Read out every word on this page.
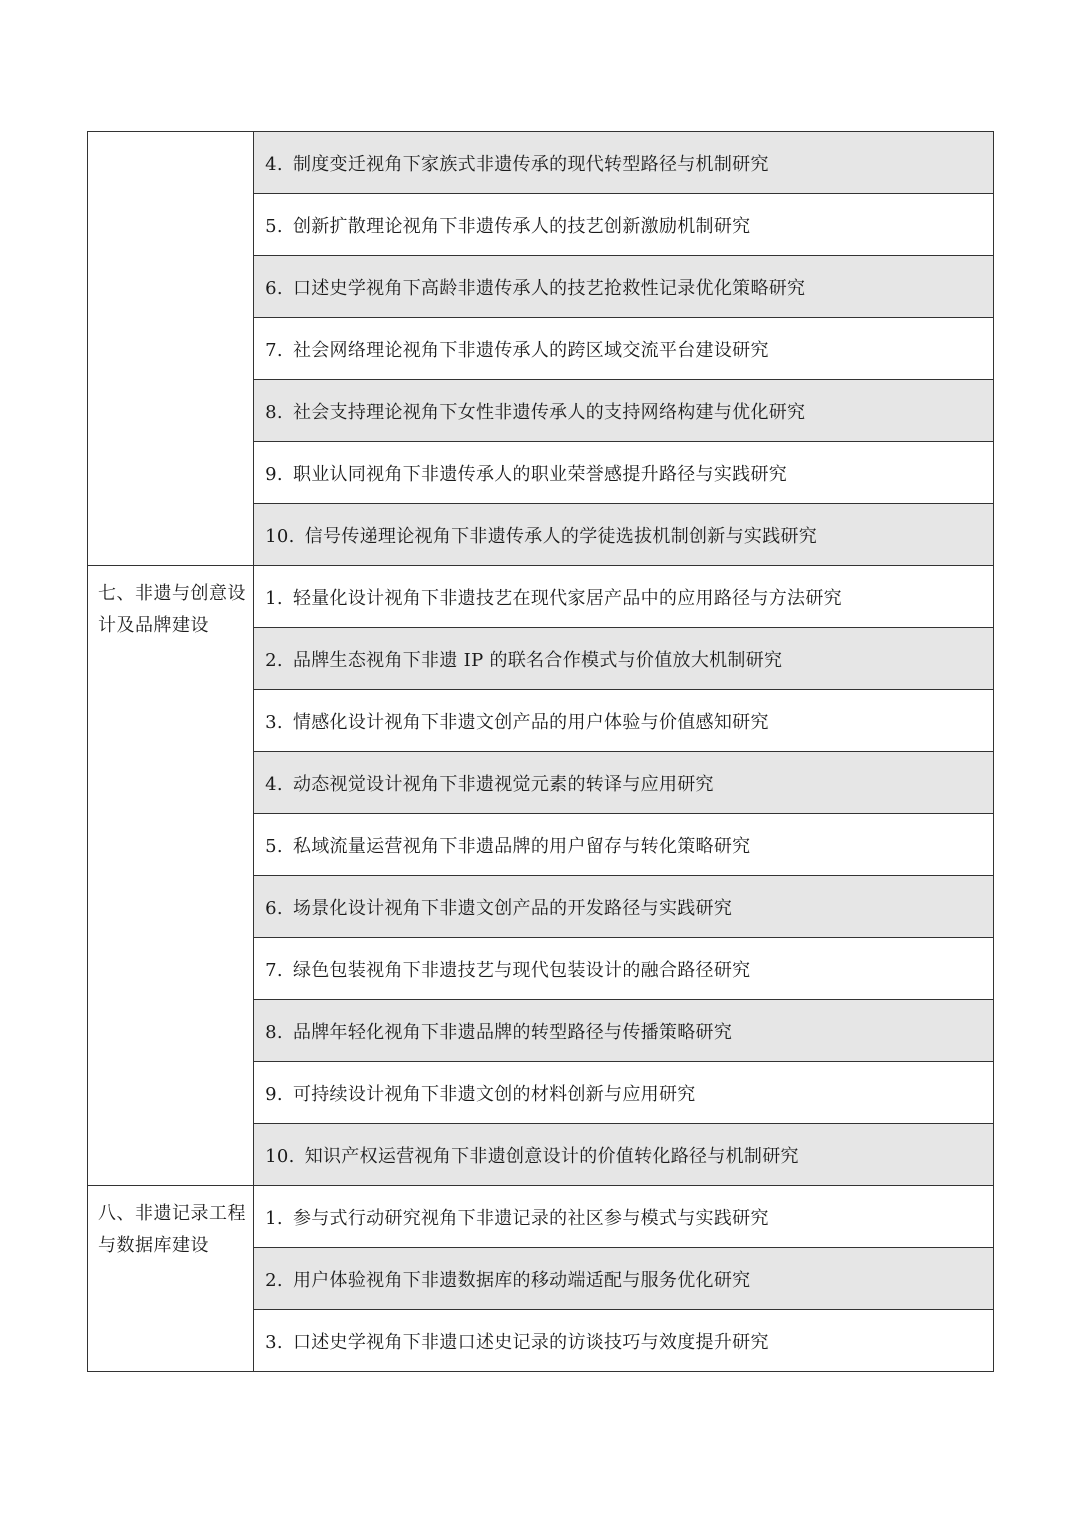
	4. 制度变迁视角下家族式非遗传承的现代转型路径与机制研究
	5. 创新扩散理论视角下非遗传承人的技艺创新激励机制研究
	6. 口述史学视角下高龄非遗传承人的技艺抢救性记录优化策略研究
	7. 社会网络理论视角下非遗传承人的跨区域交流平台建设研究
	8. 社会支持理论视角下女性非遗传承人的支持网络构建与优化研究
	9. 职业认同视角下非遗传承人的职业荣誉感提升路径与实践研究
	10. 信号传递理论视角下非遗传承人的学徒选拔机制创新与实践研究
七、非遗与创意设计及品牌建设	1. 轻量化设计视角下非遗技艺在现代家居产品中的应用路径与方法研究
	2. 品牌生态视角下非遗 IP 的联名合作模式与价值放大机制研究
	3. 情感化设计视角下非遗文创产品的用户体验与价值感知研究
	4. 动态视觉设计视角下非遗视觉元素的转译与应用研究
	5. 私域流量运营视角下非遗品牌的用户留存与转化策略研究
	6. 场景化设计视角下非遗文创产品的开发路径与实践研究
	7. 绿色包装视角下非遗技艺与现代包装设计的融合路径研究
	8. 品牌年轻化视角下非遗品牌的转型路径与传播策略研究
	9. 可持续设计视角下非遗文创的材料创新与应用研究
	10. 知识产权运营视角下非遗创意设计的价值转化路径与机制研究
八、非遗记录工程与数据库建设	1. 参与式行动研究视角下非遗记录的社区参与模式与实践研究
	2. 用户体验视角下非遗数据库的移动端适配与服务优化研究
	3. 口述史学视角下非遗口述史记录的访谈技巧与效度提升研究
